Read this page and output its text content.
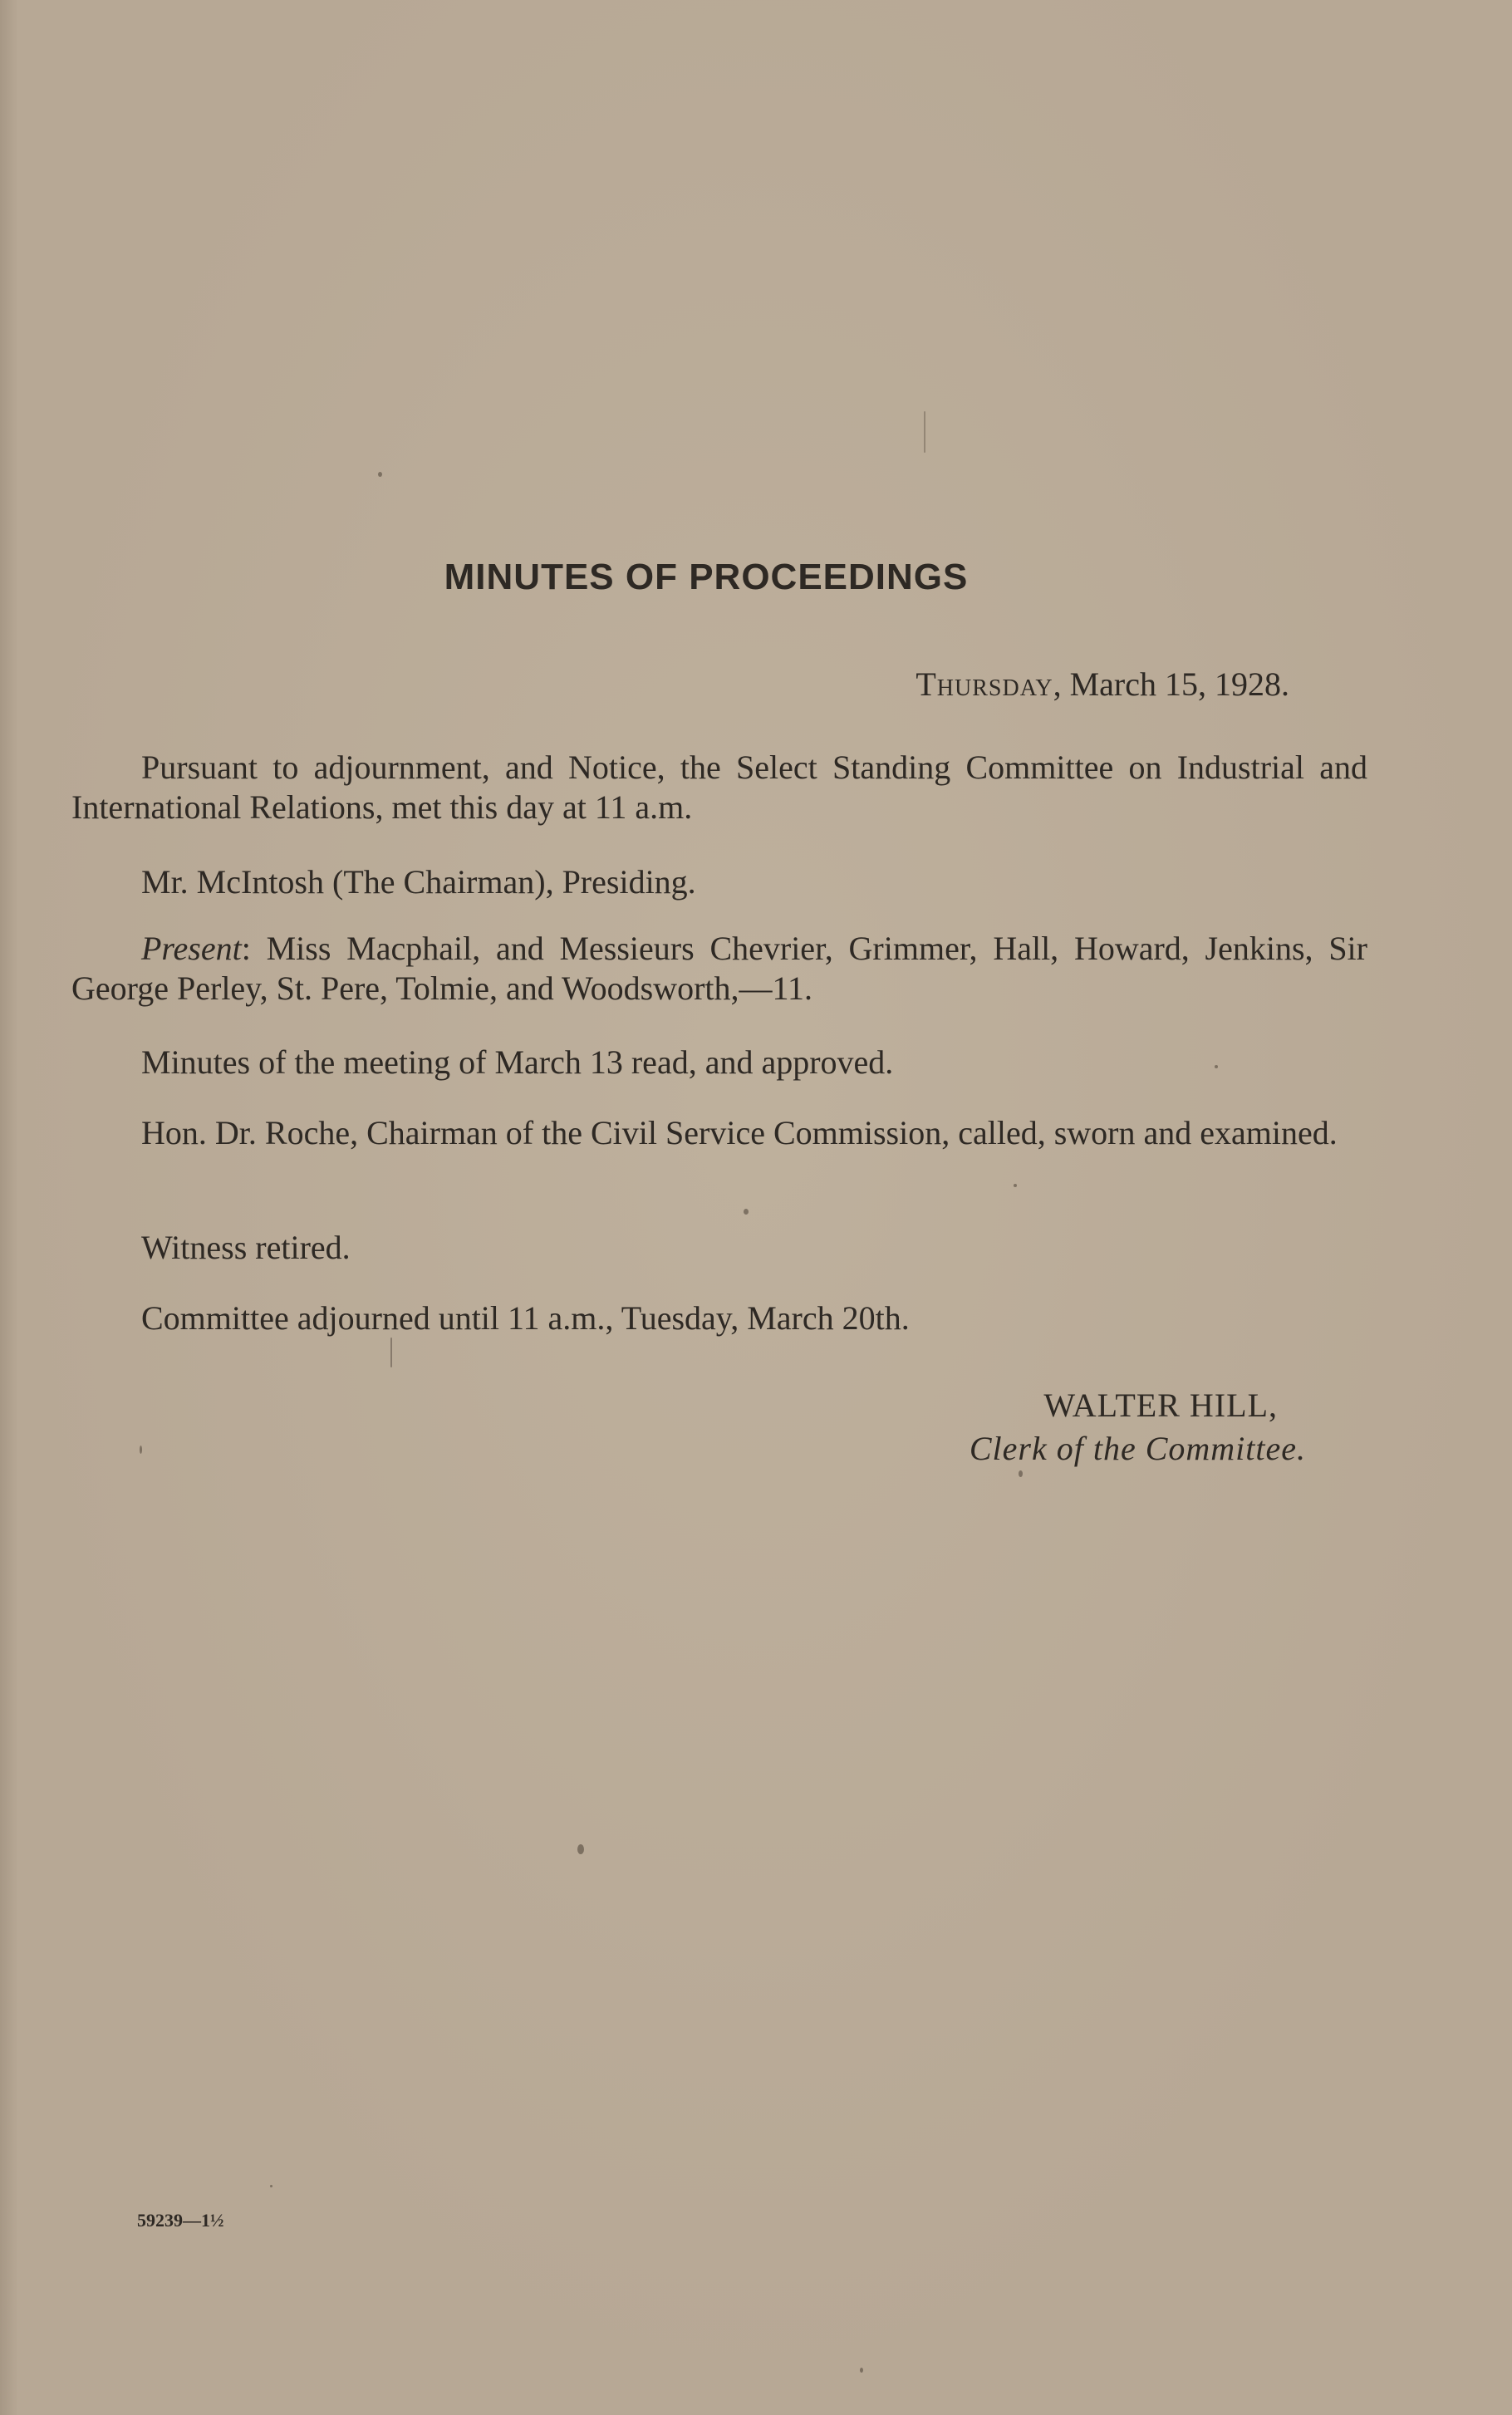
MINUTES OF PROCEEDINGS
Thursday, March 15, 1928.
Pursuant to adjournment, and Notice, the Select Standing Committee on Industrial and International Relations, met this day at 11 a.m.
Mr. McIntosh (The Chairman), Presiding.
Present: Miss Macphail, and Messieurs Chevrier, Grimmer, Hall, Howard, Jenkins, Sir George Perley, St. Pere, Tolmie, and Woodsworth,—11.
Minutes of the meeting of March 13 read, and approved.
Hon. Dr. Roche, Chairman of the Civil Service Commission, called, sworn and examined.
Witness retired.
Committee adjourned until 11 a.m., Tuesday, March 20th.
WALTER HILL,
Clerk of the Committee.
59239—1½
